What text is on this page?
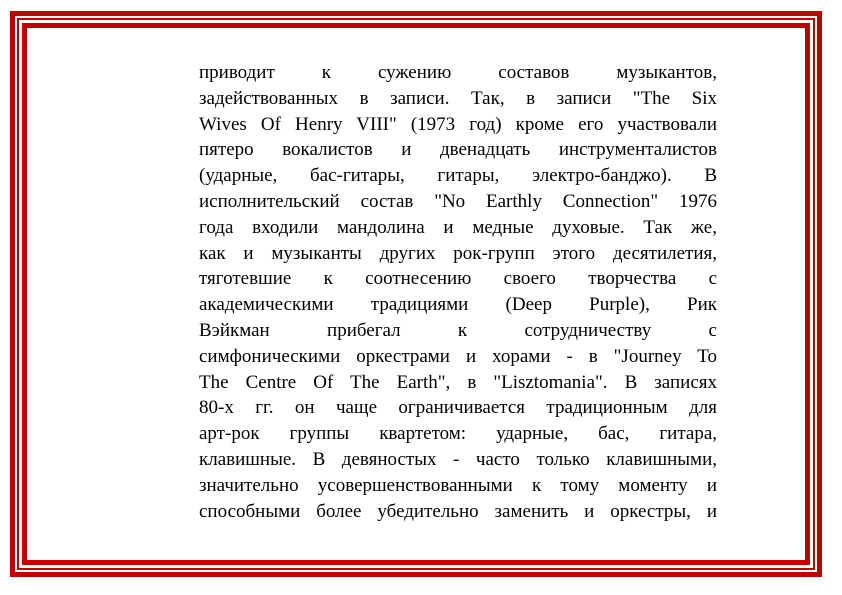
приводит к сужению составов музыкантов,
задействованных в записи. Так, в записи "The Six
Wives Of Henry VIII" (1973 год) кроме его участвовали
пятеро вокалистов и двенадцать инструменталистов
(ударные, бас-гитары, гитары, электро-банджо). В
исполнительский состав "No Earthly Connection" 1976
года входили мандолина и медные духовые. Так же,
как и музыканты других рок-групп этого десятилетия,
тяготевшие к соотнесению своего творчества с
академическими традициями (Deep Purple), Рик
Вэйкман прибегал к сотрудничеству с
симфоническими оркестрами и хорами - в "Journey To
The Centre Of The Earth", в "Lisztomania". В записях
80-х гг. он чаще ограничивается традиционным для
арт-рок группы квартетом: ударные, бас, гитара,
клавишные. В девяностых - часто только клавишными,
значительно усовершенствованными к тому моменту и
способными более убедительно заменить и оркестры, и
